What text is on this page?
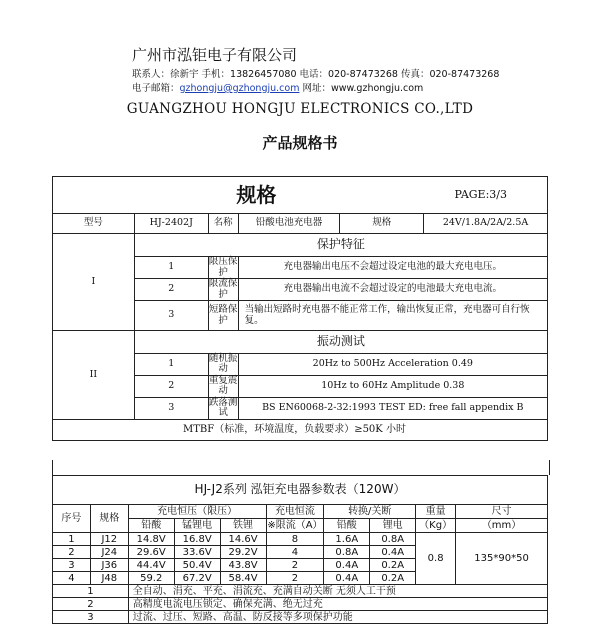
广州市泓钜电子有限公司
联系人：徐新宇 手机：13826457080 电话：020-87473268 传真：020-87473268
电子邮箱：gzhongju@gzhongju.com 网址：www.gzhongju.com
GUANGZHOU HONGJU ELECTRONICS CO.,LTD
产品规格书
规格				PAGE:3/3	
型号	HJ-2402J	名称	铅酸电池充电器	规格	24V/1.8A/2A/2.5A
I	保护特征				
	1	限压保护	充电器输出电压不会超过设定电池的最大充电电压。		
	2	限流保护	充电器输出电流不会超过设定的电池最大充电电流。		
	3	短路保护	当输出短路时充电器不能正常工作，输出恢复正常，充电器可自行恢复。		
II	振动测试				
	1	随机振动	20Hz to 500Hz Acceleration 0.49		
	2	重复震动	10Hz to 60Hz Amplitude 0.38		
	3	跌落测试	BS EN60068-2-32:1993 TEST ED: free fall appendix B		
MTBF（标准，环境温度，负载要求）≥50K 小时					
HJ-J2系列 泓钜充电器参数表（120W）									
序号	规格	充电恒压（限压）			充电恒流	转换/关断		重量	尺寸
		铅酸	锰锂电	铁锂	※限流（A）	铅酸	锂电	（Kg）	（mm）
1	J12	14.8V	16.8V	14.6V	8	1.6A	0.8A	0.8	135*90*50
2	J24	29.6V	33.6V	29.2V	4	0.8A	0.4A		
3	J36	44.4V	50.4V	43.8V	2	0.4A	0.2A		
4	J48	59.2	67.2V	58.4V	2	0.4A	0.2A		
1		全自动、涓充、平充、涓流充、充满自动关断 无须人工干预							
2		高精度电流电压锁定、确保充满、绝无过充							
3		过流、过压、短路、高温、防反接等多项保护功能							
